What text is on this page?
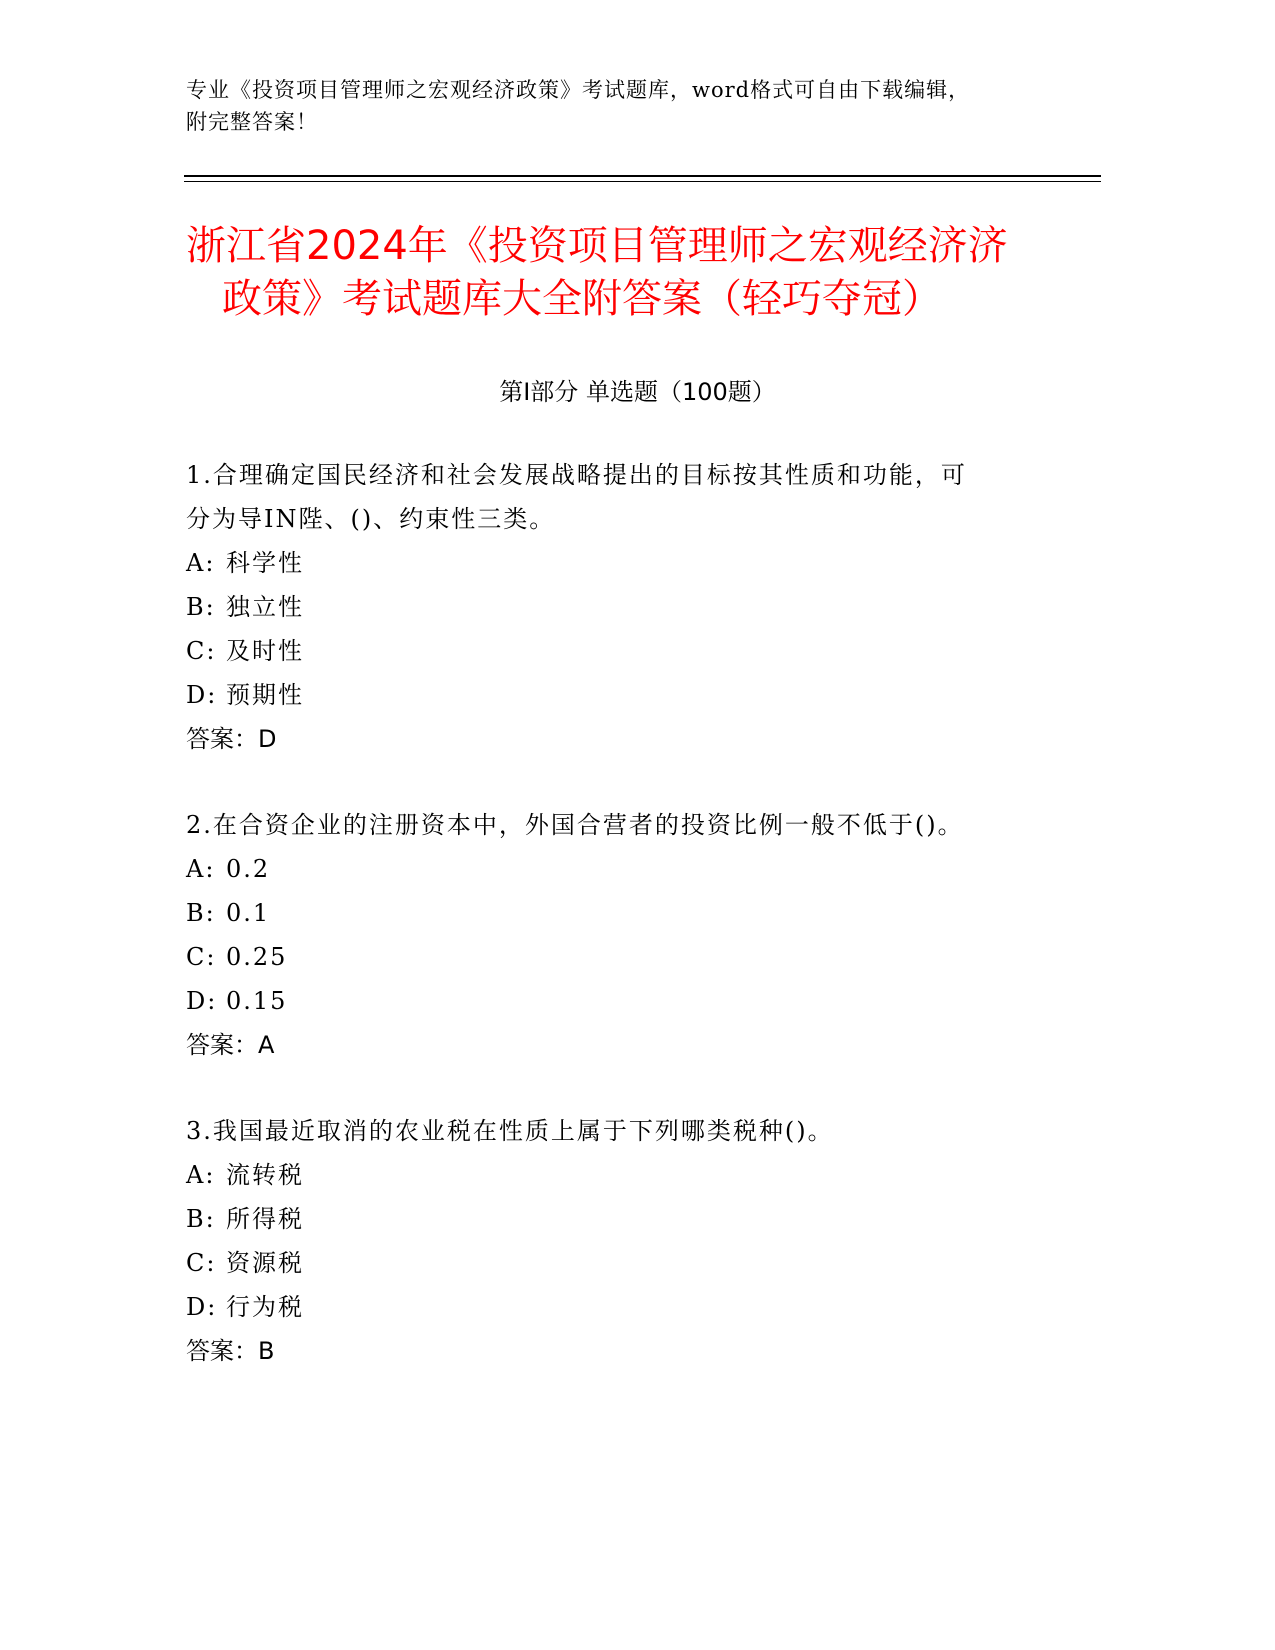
专业《投资项目管理师之宏观经济政策》考试题库，word格式可自由下载编辑，
附完整答案！
浙江省2024年《投资项目管理师之宏观经济济
政策》考试题库大全附答案（轻巧夺冠）
第Ⅰ部分 单选题（100题）
1.合理确定国民经济和社会发展战略提出的目标按其性质和功能，可
分为导IN陛、()、约束性三类。
A: 科学性
B: 独立性
C: 及时性
D: 预期性
答案：D
2.在合资企业的注册资本中，外国合营者的投资比例一般不低于()。
A: 0.2
B: 0.1
C: 0.25
D: 0.15
答案：A
3.我国最近取消的农业税在性质上属于下列哪类税种()。
A: 流转税
B: 所得税
C: 资源税
D: 行为税
答案：B
